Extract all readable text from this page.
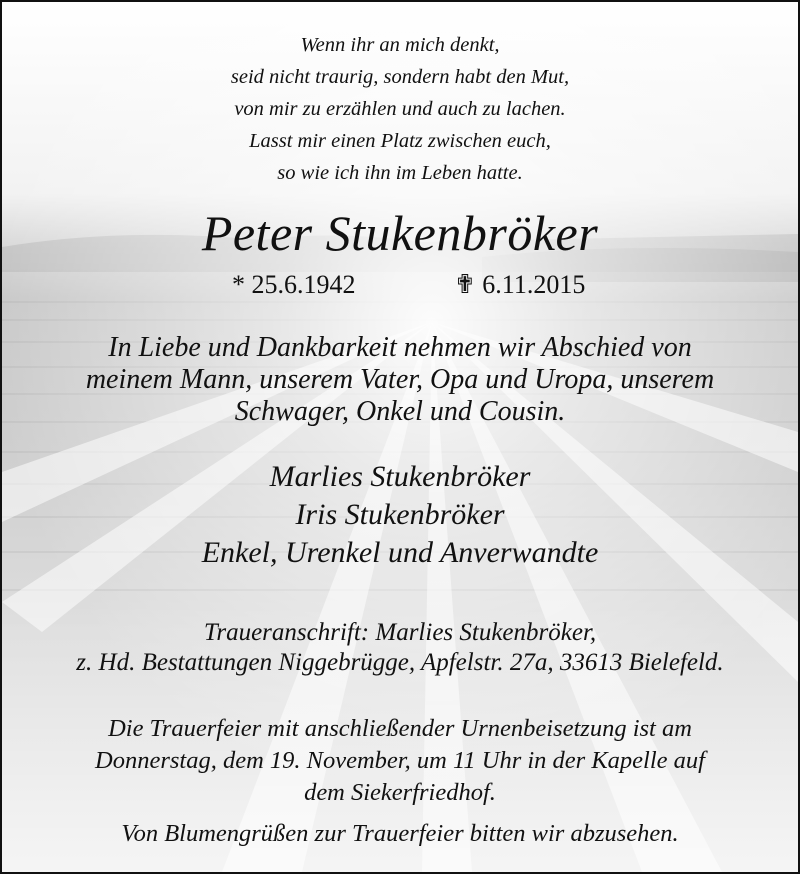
Wenn ihr an mich denkt,
seid nicht traurig, sondern habt den Mut,
von mir zu erzählen und auch zu lachen.
Lasst mir einen Platz zwischen euch,
so wie ich ihn im Leben hatte.
Peter Stukenbröker
* 25.6.1942	✟ 6.11.2015
In Liebe und Dankbarkeit nehmen wir Abschied von
meinem Mann, unserem Vater, Opa und Uropa, unserem
Schwager, Onkel und Cousin.
Marlies Stukenbröker
Iris Stukenbröker
Enkel, Urenkel und Anverwandte
Traueranschrift: Marlies Stukenbröker,
z. Hd. Bestattungen Niggebrügge, Apfelstr. 27a, 33613 Bielefeld.
Die Trauerfeier mit anschließender Urnenbeisetzung ist am
Donnerstag, dem 19. November, um 11 Uhr in der Kapelle auf
dem Siekerfriedhof.
Von Blumengrüßen zur Trauerfeier bitten wir abzusehen.
